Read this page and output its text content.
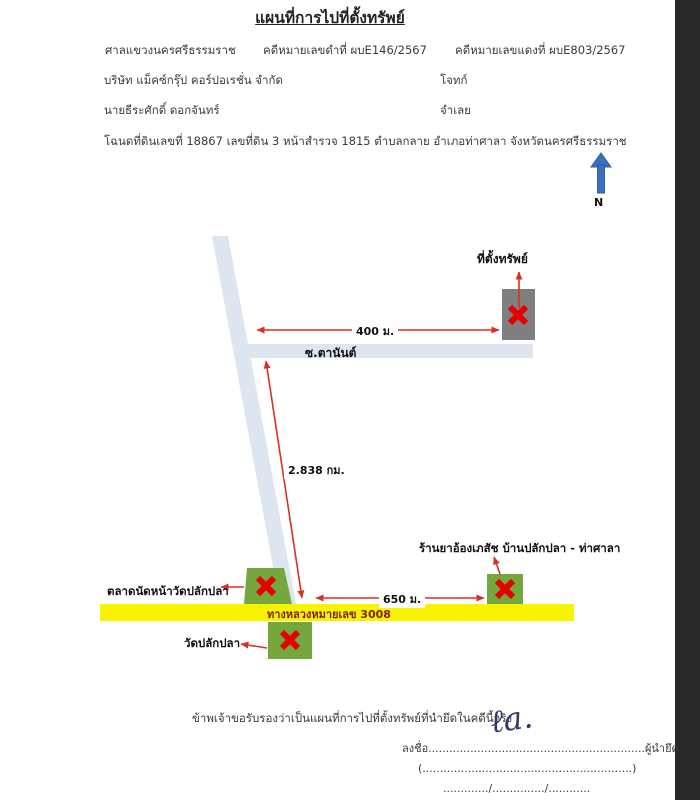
แผนที่การไปที่ตั้งทรัพย์
ศาลแขวงนครศรีธรรมราช คดีหมายเลขดำที่ ผบE146/2567 คดีหมายเลขแดงที่ ผบE803/2567
บริษัท แม็คซ์กรุ๊ป คอร์ปอเรชั่น จำกัด	โจทก์
นายธีระศักดิ์ ดอกจันทร์	จำเลย
โฉนดที่ดินเลขที่ 18867 เลขที่ดิน 3 หน้าสำรวจ 1815 ตำบลกลาย อำเภอท่าศาลา จังหวัดนครศรีธรรมราช
N
ที่ตั้งทรัพย์
400 ม.
ซ.ตานันต์
2.838 กม.
ร้านยาอ้องเภสัช บ้านปลักปลา - ท่าศาลา
ตลาดนัดหน้าวัดปลักปลา
650 ม.
ทางหลวงหมายเลข 3008
วัดปลักปลา
ข้าพเจ้าขอรับรองว่าเป็นแผนที่การไปที่ตั้งทรัพย์ที่นำยึดในคดีนี้จริง
ℓa.
ลงชื่อ..............................................................ผู้นำยึด
(............................................................)
............./.............../............
